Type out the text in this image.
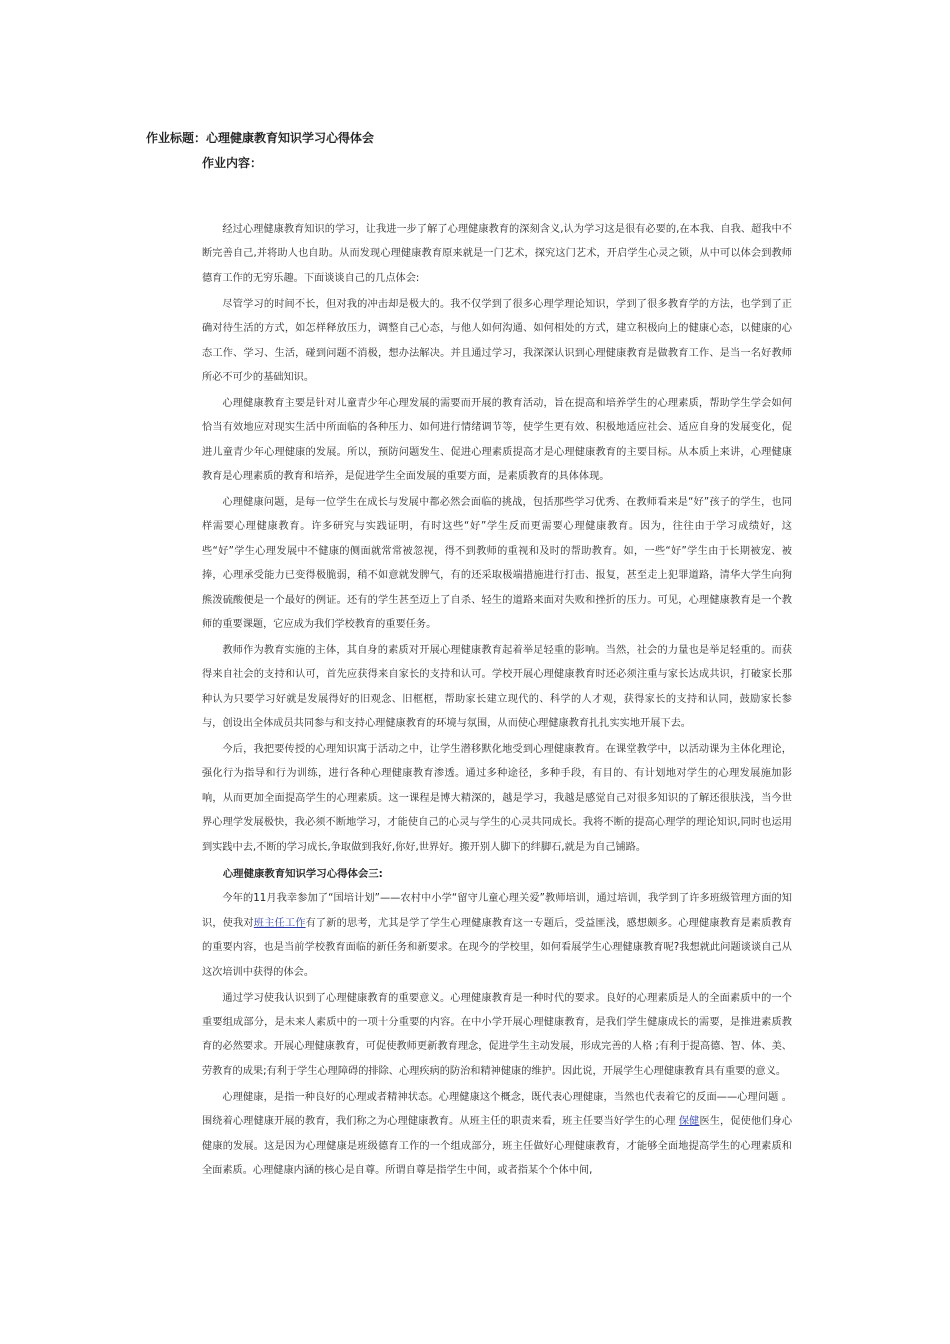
作业标题：心理健康教育知识学习心得体会
作业内容：

经过心理健康教育知识的学习，让我进一步了解了心理健康教育的深刻含义,认为学习这是很有必要的,在本我、自我、超我中不断完善自己,并将助人也自助。从而发现心理健康教育原来就是一门艺术，探究这门艺术，开启学生心灵之锁，从中可以体会到教师德育工作的无穷乐趣。下面谈谈自己的几点体会:

尽管学习的时间不长，但对我的冲击却是极大的。我不仅学到了很多心理学理论知识，学到了很多教育学的方法，也学到了正确对待生活的方式，如怎样释放压力，调整自己心态，与他人如何沟通、如何相处的方式，建立积极向上的健康心态，以健康的心态工作、学习、生活，碰到问题不消极，想办法解决。并且通过学习，我深深认识到心理健康教育是做教育工作、是当一名好教师所必不可少的基础知识。

心理健康教育主要是针对儿童青少年心理发展的需要而开展的教育活动，旨在提高和培养学生的心理素质，帮助学生学会如何恰当有效地应对现实生活中所面临的各种压力、如何进行情绪调节等，使学生更有效、积极地适应社会、适应自身的发展变化，促进儿童青少年心理健康的发展。所以，预防问题发生、促进心理素质提高才是心理健康教育的主要目标。从本质上来讲，心理健康教育是心理素质的教育和培养，是促进学生全面发展的重要方面，是素质教育的具体体现。

心理健康问题，是每一位学生在成长与发展中都必然会面临的挑战，包括那些学习优秀、在教师看来是“好”孩子的学生，也同样需要心理健康教育。许多研究与实践证明，有时这些“好”学生反而更需要心理健康教育。因为，往往由于学习成绩好，这些“好”学生心理发展中不健康的侧面就常常被忽视，得不到教师的重视和及时的帮助教育。如，一些“好”学生由于长期被宠、被捧，心理承受能力已变得极脆弱，稍不如意就发脾气，有的还采取极端措施进行打击、报复，甚至走上犯罪道路，清华大学生向狗熊泼硫酸便是一个最好的例证。还有的学生甚至迈上了自杀、轻生的道路来面对失败和挫折的压力。可见，心理健康教育是一个教师的重要课题，它应成为我们学校教育的重要任务。

教师作为教育实施的主体，其自身的素质对开展心理健康教育起着举足轻重的影响。当然，社会的力量也是举足轻重的。而获得来自社会的支持和认可，首先应获得来自家长的支持和认可。学校开展心理健康教育时还必须注重与家长达成共识，打破家长那种认为只要学习好就是发展得好的旧观念、旧框框，帮助家长建立现代的、科学的人才观，获得家长的支持和认同，鼓励家长参与，创设出全体成员共同参与和支持心理健康教育的环境与氛围，从而使心理健康教育扎扎实实地开展下去。

今后，我把要传授的心理知识寓于活动之中，让学生潜移默化地受到心理健康教育。在课堂教学中，以活动课为主体化理论，强化行为指导和行为训练，进行各种心理健康教育渗透。通过多种途径，多种手段，有目的、有计划地对学生的心理发展施加影响，从而更加全面提高学生的心理素质。这一课程是博大精深的，越是学习，我越是感觉自己对很多知识的了解还很肤浅，当今世界心理学发展极快，我必须不断地学习，才能使自己的心灵与学生的心灵共同成长。我将不断的提高心理学的理论知识,同时也运用到实践中去,不断的学习成长,争取做到我好,你好,世界好。搬开别人脚下的绊脚石,就是为自己铺路。

心理健康教育知识学习心得体会三:

今年的11月我幸参加了“国培计划”——农村中小学“留守儿童心理关爱”教师培训，通过培训，我学到了许多班级管理方面的知识，使我对班主任工作有了新的思考，尤其是学了学生心理健康教育这一专题后，受益匪浅，感想颇多。心理健康教育是素质教育的重要内容，也是当前学校教育面临的新任务和新要求。在现今的学校里，如何看展学生心理健康教育呢?我想就此问题谈谈自己从这次培训中获得的体会。

通过学习使我认识到了心理健康教育的重要意义。心理健康教育是一种时代的要求。良好的心理素质是人的全面素质中的一个重要组成部分，是未来人素质中的一项十分重要的内容。在中小学开展心理健康教育，是我们学生健康成长的需要，是推进素质教育的必然要求。开展心理健康教育，可促使教师更新教育理念，促进学生主动发展，形成完善的人格 ;有利于提高德、智、体、美、劳教育的成果;有利于学生心理障碍的排除、心理疾病的防治和精神健康的维护。因此说，开展学生心理健康教育具有重要的意义。

心理健康，是指一种良好的心理或者精神状态。心理健康这个概念，既代表心理健康，当然也代表着它的反面——心理问题 。围绕着心理健康开展的教育，我们称之为心理健康教育。从班主任的职责来看，班主任要当好学生的心理 保健医生，促使他们身心健康的发展。这是因为心理健康是班级德育工作的一个组成部分，班主任做好心理健康教育，才能够全面地提高学生的心理素质和全面素质。心理健康内涵的核心是自尊。所谓自尊是指学生中间，或者指某个个体中间,
